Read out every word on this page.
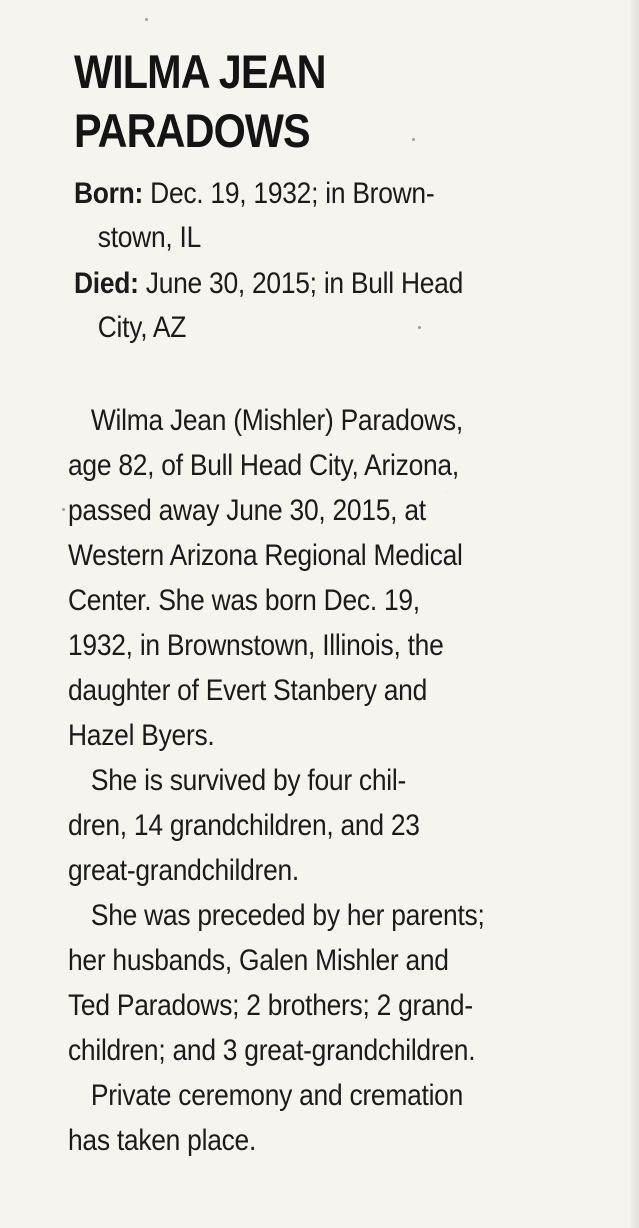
WILMA JEAN
PARADOWS

Born: Dec. 19, 1932; in Brown-
stown, IL

Died: June 30, 2015; in Bull Head
City, AZ

Wilma Jean (Mishler) Paradows,
age 82, of Bull Head City, Arizona,
passed away June 30, 2015, at
Western Arizona Regional Medical
Center. She was born Dec. 19,
1932, in Brownstown, Illinois, the
daughter of Evert Stanbery and
Hazel Byers.
She is survived by four chil-
dren, 14 grandchildren, and 23
great-grandchildren.
She was preceded by her parents;
her husbands, Galen Mishler and
Ted Paradows; 2 brothers; 2 grand-
children; and 3 great-grandchildren.
Private ceremony and cremation
has taken place.
